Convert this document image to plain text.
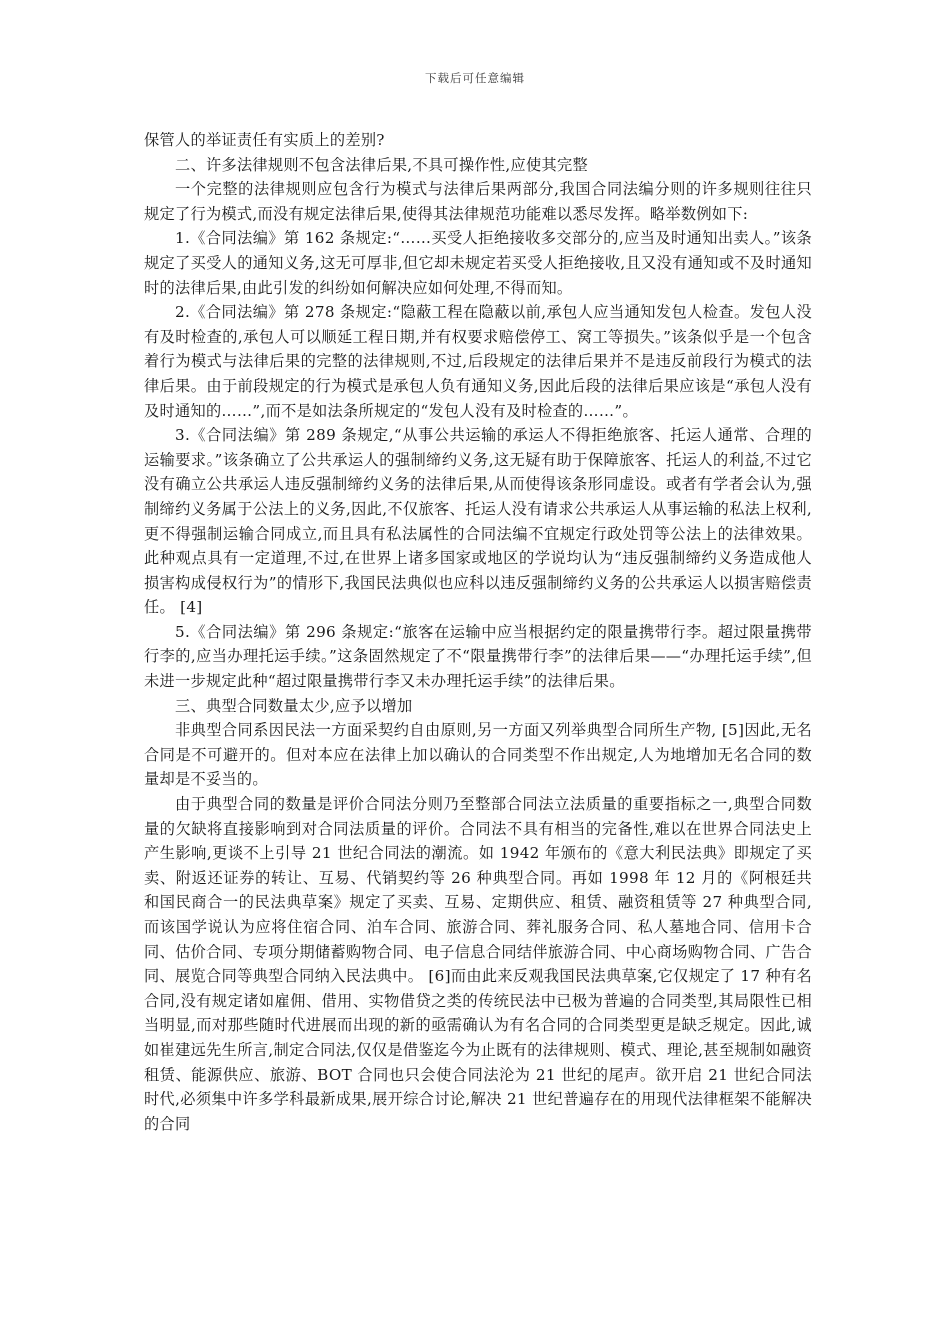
下载后可任意编辑

保管人的举证责任有实质上的差别?

二、许多法律规则不包含法律后果,不具可操作性,应使其完整

一个完整的法律规则应包含行为模式与法律后果两部分,我国合同法编分则的许多规则往往只规定了行为模式,而没有规定法律后果,使得其法律规范功能难以悉尽发挥。略举数例如下:

1.《合同法编》第 162 条规定:“……买受人拒绝接收多交部分的,应当及时通知出卖人。”该条规定了买受人的通知义务,这无可厚非,但它却未规定若买受人拒绝接收,且又没有通知或不及时通知时的法律后果,由此引发的纠纷如何解决应如何处理,不得而知。

2.《合同法编》第 278 条规定:“隐蔽工程在隐蔽以前,承包人应当通知发包人检查。发包人没有及时检查的,承包人可以顺延工程日期,并有权要求赔偿停工、窝工等损失。”该条似乎是一个包含着行为模式与法律后果的完整的法律规则,不过,后段规定的法律后果并不是违反前段行为模式的法律后果。由于前段规定的行为模式是承包人负有通知义务,因此后段的法律后果应该是“承包人没有及时通知的……”,而不是如法条所规定的“发包人没有及时检查的……”。

3.《合同法编》第 289 条规定,“从事公共运输的承运人不得拒绝旅客、托运人通常、合理的运输要求。”该条确立了公共承运人的强制缔约义务,这无疑有助于保障旅客、托运人的利益,不过它没有确立公共承运人违反强制缔约义务的法律后果,从而使得该条形同虚设。或者有学者会认为,强制缔约义务属于公法上的义务,因此,不仅旅客、托运人没有请求公共承运人从事运输的私法上权利,更不得强制运输合同成立,而且具有私法属性的合同法编不宜规定行政处罚等公法上的法律效果。此种观点具有一定道理,不过,在世界上诸多国家或地区的学说均认为“违反强制缔约义务造成他人损害构成侵权行为”的情形下,我国民法典似也应科以违反强制缔约义务的公共承运人以损害赔偿责任。 [4]

5.《合同法编》第 296 条规定:“旅客在运输中应当根据约定的限量携带行李。超过限量携带行李的,应当办理托运手续。”这条固然规定了不“限量携带行李”的法律后果——“办理托运手续”,但未进一步规定此种“超过限量携带行李又未办理托运手续”的法律后果。

三、典型合同数量太少,应予以增加

非典型合同系因民法一方面采契约自由原则,另一方面又列举典型合同所生产物, [5]因此,无名合同是不可避开的。但对本应在法律上加以确认的合同类型不作出规定,人为地增加无名合同的数量却是不妥当的。

由于典型合同的数量是评价合同法分则乃至整部合同法立法质量的重要指标之一,典型合同数量的欠缺将直接影响到对合同法质量的评价。合同法不具有相当的完备性,难以在世界合同法史上产生影响,更谈不上引导 21 世纪合同法的潮流。如 1942 年颁布的《意大利民法典》即规定了买卖、附返还证券的转让、互易、代销契约等 26 种典型合同。再如 1998 年 12 月的《阿根廷共和国民商合一的民法典草案》规定了买卖、互易、定期供应、租赁、融资租赁等 27 种典型合同,而该国学说认为应将住宿合同、泊车合同、旅游合同、葬礼服务合同、私人墓地合同、信用卡合同、估价合同、专项分期储蓄购物合同、电子信息合同结伴旅游合同、中心商场购物合同、广告合同、展览合同等典型合同纳入民法典中。 [6]而由此来反观我国民法典草案,它仅规定了 17 种有名合同,没有规定诸如雇佣、借用、实物借贷之类的传统民法中已极为普遍的合同类型,其局限性已相当明显,而对那些随时代进展而出现的新的亟需确认为有名合同的合同类型更是缺乏规定。因此,诚如崔建远先生所言,制定合同法,仅仅是借鉴迄今为止既有的法律规则、模式、理论,甚至规制如融资租赁、能源供应、旅游、BOT 合同也只会使合同法沦为 21 世纪的尾声。欲开启 21 世纪合同法时代,必须集中许多学科最新成果,展开综合讨论,解决 21 世纪普遍存在的用现代法律框架不能解决的合同
